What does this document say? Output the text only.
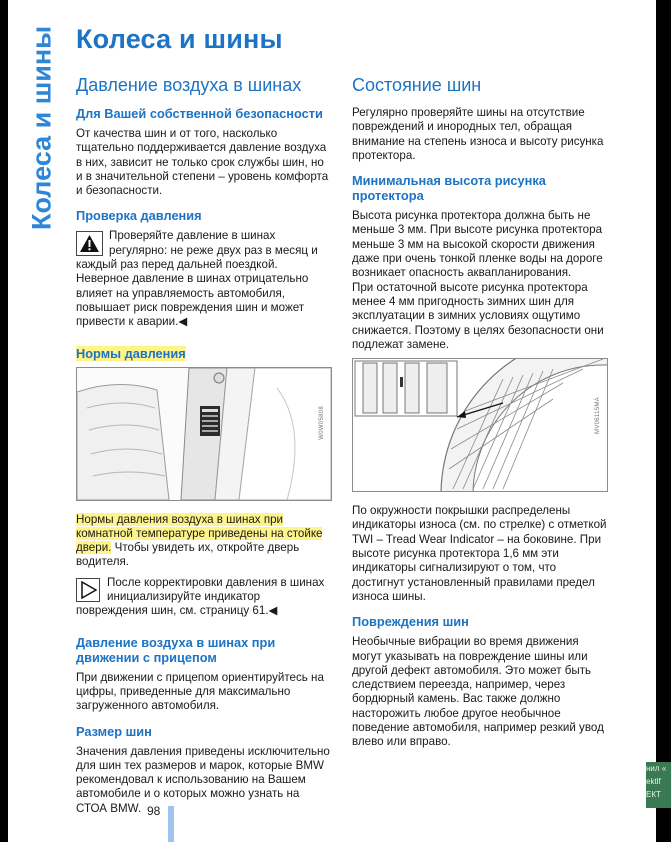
Колеса и шины Колеса и шины
Давление воздуха в шинах
Для Вашей собственной безопасности

От качества шин и от того, насколько тщательно поддерживается давление воздуха в них, зависит не только срок службы шин, но и в значительной степени – уровень комфорта и безопасности.

Проверка давления

Проверяйте давление в шинах регулярно: не реже двух раз в месяц и каждый раз перед дальней поездкой. Неверное давление в шинах отрицательно влияет на управляемость автомобиля, повышает риск повреждения шин и может привести к аварии.◀

Нормы давления
W0W05808

Нормы давления воздуха в шинах при комнатной температуре приведены на стойке двери. Чтобы увидеть их, откройте дверь водителя.

После корректировки давления в шинах инициализируйте индикатор повреждения шин, см. страницу 61.◀

Давление воздуха в шинах при движении с прицепом

При движении с прицепом ориентируйтесь на цифры, приведенные для максимально загруженного автомобиля.

Размер шин

Значения давления приведены исключительно для шин тех размеров и марок, которые BMW рекомендовал к использованию на Вашем автомобиле и о которых можно узнать на СТОА BMW.

Состояние шин

Регулярно проверяйте шины на отсутствие повреждений и инородных тел, обращая внимание на степень износа и высоту рисунка протектора.

Минимальная высота рисунка протектора

Высота рисунка протектора должна быть не меньше 3 мм. При высоте рисунка протектора меньше 3 мм на высокой скорости движения даже при очень тонкой пленке воды на дороге возникает опасность аквапланирования.

При остаточной высоте рисунка протектора менее 4 мм пригодность зимних шин для эксплуатации в зимних условиях ощутимо снижается. Поэтому в целях безопасности они подлежат замене.

MV06115MA

По окружности покрышки распределены индикаторы износа (см. по стрелке) с отметкой TWI – Tread Wear Indicator – на боковине. При высоте рисунка протектора 1,6 мм эти индикаторы сигнализируют о том, что достигнут установленный правилами предел износа шины.

Повреждения шин

Необычные вибрации во время движения могут указывать на повреждение шины или другой дефект автомобиля. Это может быть следствием переезда, например, через бордюрный камень. Вас также должно насторожить любое другое необычное поведение автомобиля, например резкий увод влево или вправо.

98
нил «
ektlf
ЕКТ
